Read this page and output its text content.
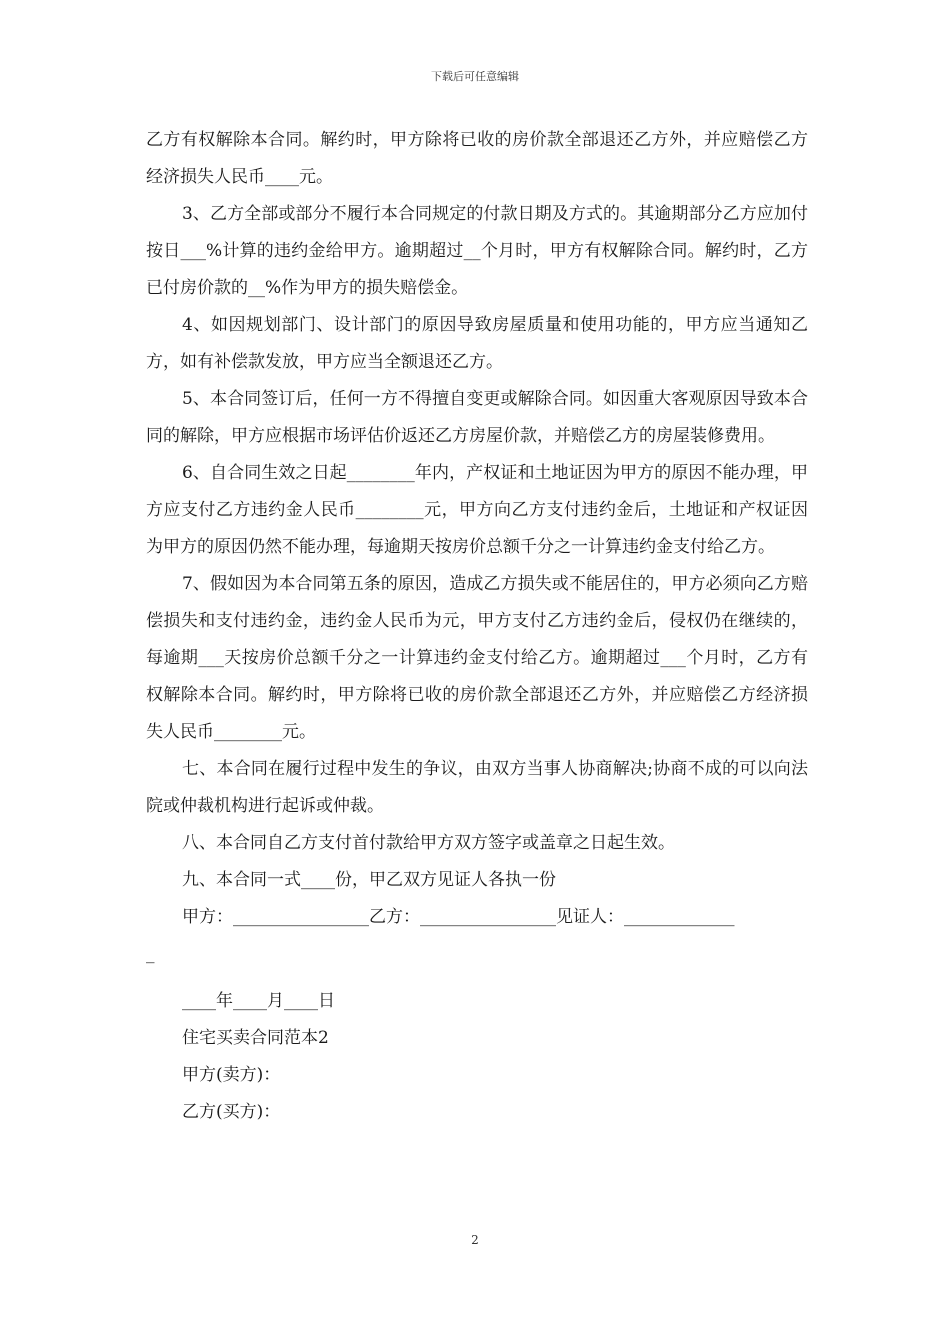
下载后可任意编辑

乙方有权解除本合同。解约时，甲方除将已收的房价款全部退还乙方外，并应赔偿乙方经济损失人民币____元。

3、乙方全部或部分不履行本合同规定的付款日期及方式的。其逾期部分乙方应加付按日___%计算的违约金给甲方。逾期超过__个月时，甲方有权解除合同。解约时，乙方已付房价款的__%作为甲方的损失赔偿金。

4、如因规划部门、设计部门的原因导致房屋质量和使用功能的，甲方应当通知乙方，如有补偿款发放，甲方应当全额退还乙方。

5、本合同签订后，任何一方不得擅自变更或解除合同。如因重大客观原因导致本合同的解除，甲方应根据市场评估价返还乙方房屋价款，并赔偿乙方的房屋装修费用。

6、自合同生效之日起________年内，产权证和土地证因为甲方的原因不能办理，甲方应支付乙方违约金人民币________元，甲方向乙方支付违约金后，土地证和产权证因为甲方的原因仍然不能办理，每逾期天按房价总额千分之一计算违约金支付给乙方。

7、假如因为本合同第五条的原因，造成乙方损失或不能居住的，甲方必须向乙方赔偿损失和支付违约金，违约金人民币为元，甲方支付乙方违约金后，侵权仍在继续的，每逾期___天按房价总额千分之一计算违约金支付给乙方。逾期超过___个月时，乙方有权解除本合同。解约时，甲方除将已收的房价款全部退还乙方外，并应赔偿乙方经济损失人民币________元。

七、本合同在履行过程中发生的争议，由双方当事人协商解决;协商不成的可以向法院或仲裁机构进行起诉或仲裁。

八、本合同自乙方支付首付款给甲方双方签字或盖章之日起生效。

九、本合同一式____份，甲乙双方见证人各执一份

甲方：________________乙方：________________见证人：_____________

_

____年____月____日

住宅买卖合同范本2

甲方(卖方)：

乙方(买方)：

2
